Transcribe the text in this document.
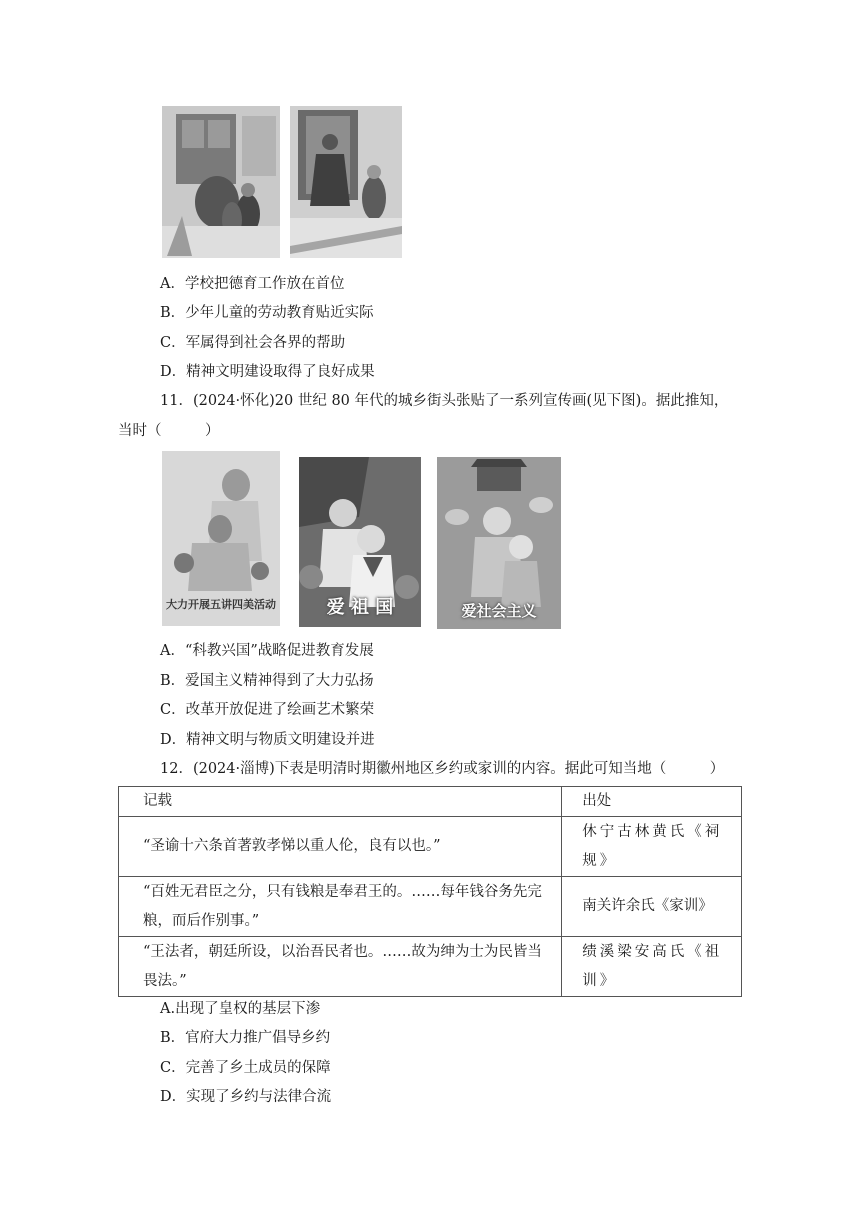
A．学校把德育工作放在首位
B．少年儿童的劳动教育贴近实际
C．军属得到社会各界的帮助
D．精神文明建设取得了良好成果
11．(2024·怀化)20 世纪 80 年代的城乡街头张贴了一系列宣传画(见下图)。据此推知，
当时（　　　）
大力开展五讲四美活动	爱 祖 国	爱社会主义
A．“科教兴国”战略促进教育发展
B．爱国主义精神得到了大力弘扬
C．改革开放促进了绘画艺术繁荣
D．精神文明与物质文明建设并进
12．(2024·淄博)下表是明清时期徽州地区乡约或家训的内容。据此可知当地（　　　）
记载	出处
“圣谕十六条首著敦孝悌以重人伦，良有以也。”	休宁古林黄氏《祠规》
“百姓无君臣之分，只有钱粮是奉君王的。……每年钱谷务先完粮，而后作别事。”	南关许余氏《家训》
“王法者，朝廷所设，以治吾民者也。……故为绅为士为民皆当畏法。”	绩溪梁安高氏《祖训》
A.出现了皇权的基层下渗
B．官府大力推广倡导乡约
C．完善了乡土成员的保障
D．实现了乡约与法律合流
